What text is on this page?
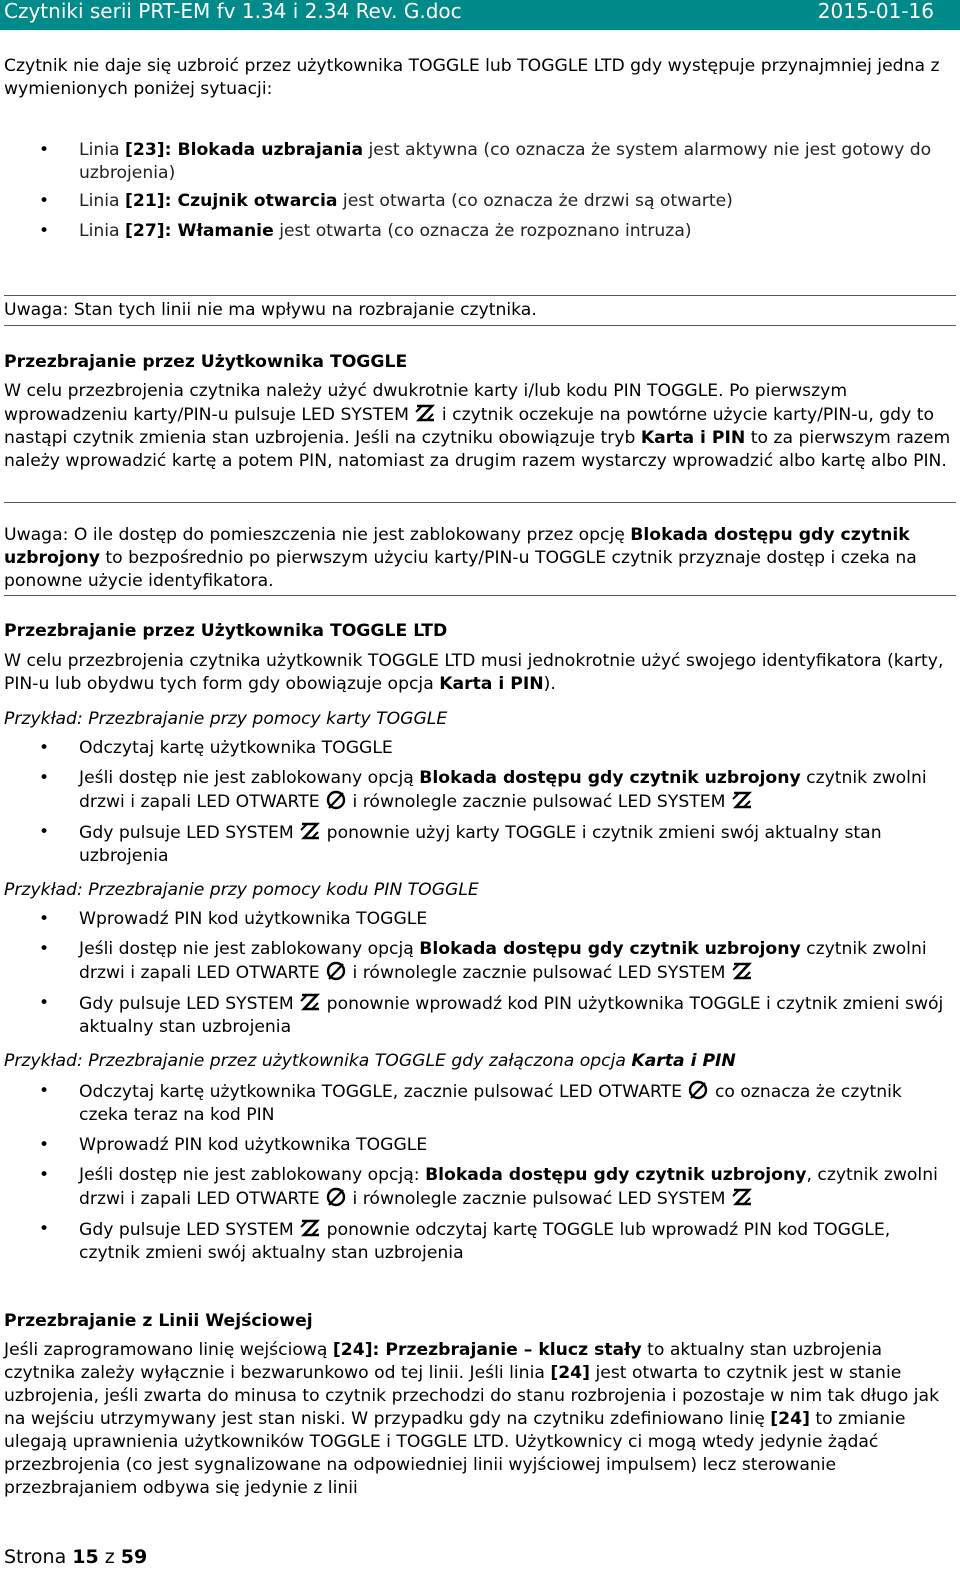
Czytniki serii PRT-EM fv 1.34 i 2.34 Rev. G.doc	2015-01-16

Czytnik nie daje się uzbroić przez użytkownika TOGGLE lub TOGGLE LTD gdy występuje przynajmniej jedna z wymienionych poniżej sytuacji:

• Linia [23]: Blokada uzbrajania jest aktywna (co oznacza że system alarmowy nie jest gotowy do uzbrojenia)
• Linia [21]: Czujnik otwarcia jest otwarta (co oznacza że drzwi są otwarte)
• Linia [27]: Włamanie jest otwarta (co oznacza że rozpoznano intruza)

Uwaga: Stan tych linii nie ma wpływu na rozbrajanie czytnika.

Przezbrajanie przez Użytkownika TOGGLE

W celu przezbrojenia czytnika należy użyć dwukrotnie karty i/lub kodu PIN TOGGLE. Po pierwszym wprowadzeniu karty/PIN-u pulsuje LED SYSTEM  i czytnik oczekuje na powtórne użycie karty/PIN-u, gdy to nastąpi czytnik zmienia stan uzbrojenia. Jeśli na czytniku obowiązuje tryb Karta i PIN to za pierwszym razem należy wprowadzić kartę a potem PIN, natomiast za drugim razem wystarczy wprowadzić albo kartę albo PIN.

Uwaga: O ile dostęp do pomieszczenia nie jest zablokowany przez opcję Blokada dostępu gdy czytnik uzbrojony to bezpośrednio po pierwszym użyciu karty/PIN-u TOGGLE czytnik przyznaje dostęp i czeka na ponowne użycie identyfikatora.

Przezbrajanie przez Użytkownika TOGGLE LTD

W celu przezbrojenia czytnika użytkownik TOGGLE LTD musi jednokrotnie użyć swojego identyfikatora (karty, PIN-u lub obydwu tych form gdy obowiązuje opcja Karta i PIN).

Przykład: Przezbrajanie przy pomocy karty TOGGLE

• Odczytaj kartę użytkownika TOGGLE
• Jeśli dostęp nie jest zablokowany opcją Blokada dostępu gdy czytnik uzbrojony czytnik zwolni drzwi i zapali LED OTWARTE  i równolegle zacznie pulsować LED SYSTEM
• Gdy pulsuje LED SYSTEM  ponownie użyj karty TOGGLE i czytnik zmieni swój aktualny stan uzbrojenia

Przykład: Przezbrajanie przy pomocy kodu PIN TOGGLE

• Wprowadź PIN kod użytkownika TOGGLE
• Jeśli dostęp nie jest zablokowany opcją Blokada dostępu gdy czytnik uzbrojony czytnik zwolni drzwi i zapali LED OTWARTE  i równolegle zacznie pulsować LED SYSTEM
• Gdy pulsuje LED SYSTEM  ponownie wprowadź kod PIN użytkownika TOGGLE i czytnik zmieni swój aktualny stan uzbrojenia

Przykład: Przezbrajanie przez użytkownika TOGGLE gdy załączona opcja Karta i PIN

• Odczytaj kartę użytkownika TOGGLE, zacznie pulsować LED OTWARTE  co oznacza że czytnik czeka teraz na kod PIN
• Wprowadź PIN kod użytkownika TOGGLE
• Jeśli dostęp nie jest zablokowany opcją: Blokada dostępu gdy czytnik uzbrojony, czytnik zwolni drzwi i zapali LED OTWARTE  i równolegle zacznie pulsować LED SYSTEM
• Gdy pulsuje LED SYSTEM  ponownie odczytaj kartę TOGGLE lub wprowadź PIN kod TOGGLE, czytnik zmieni swój aktualny stan uzbrojenia

Przezbrajanie z Linii Wejściowej

Jeśli zaprogramowano linię wejściową [24]: Przezbrajanie – klucz stały to aktualny stan uzbrojenia czytnika zależy wyłącznie i bezwarunkowo od tej linii. Jeśli linia [24] jest otwarta to czytnik jest w stanie uzbrojenia, jeśli zwarta do minusa to czytnik przechodzi do stanu rozbrojenia i pozostaje w nim tak długo jak na wejściu utrzymywany jest stan niski. W przypadku gdy na czytniku zdefiniowano linię [24] to zmianie ulegają uprawnienia użytkowników TOGGLE i TOGGLE LTD. Użytkownicy ci mogą wtedy jedynie żądać przezbrojenia (co jest sygnalizowane na odpowiedniej linii wyjściowej impulsem) lecz sterowanie przezbrajaniem odbywa się jedynie z linii

Strona 15 z 59
